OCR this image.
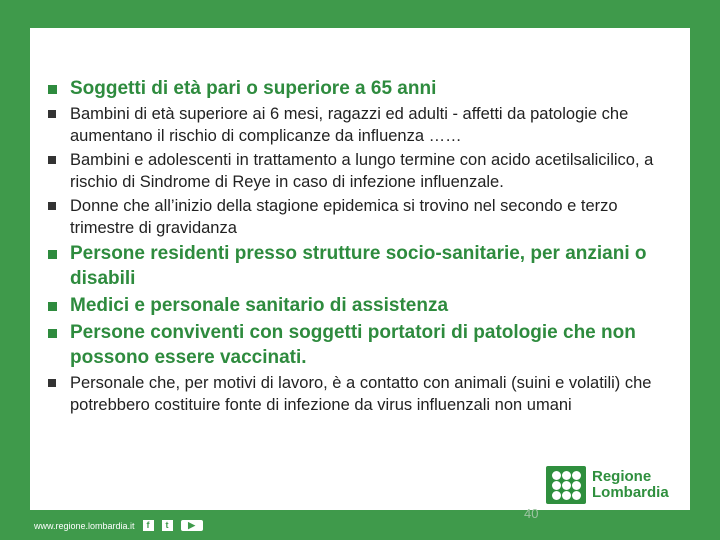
Soggetti di età pari o superiore a 65 anni
Bambini di età superiore ai 6 mesi, ragazzi ed adulti - affetti da patologie che aumentano il rischio di complicanze da influenza ……
Bambini e adolescenti in trattamento a lungo termine con acido acetilsalicilico, a rischio di Sindrome di Reye in caso di infezione influenzale.
Donne che all’inizio della stagione epidemica si trovino nel secondo e terzo trimestre di gravidanza
Persone residenti presso strutture socio-sanitarie, per anziani o disabili
Medici e personale sanitario di assistenza
Persone conviventi con soggetti portatori di patologie che non possono essere vaccinati.
Personale che, per motivi di lavoro, è a contatto con animali (suini e volatili) che potrebbero costituire fonte di infezione da virus influenzali non umani
Regione
Lombardia
40
www.regione.lombardia.it	f	t	▶
